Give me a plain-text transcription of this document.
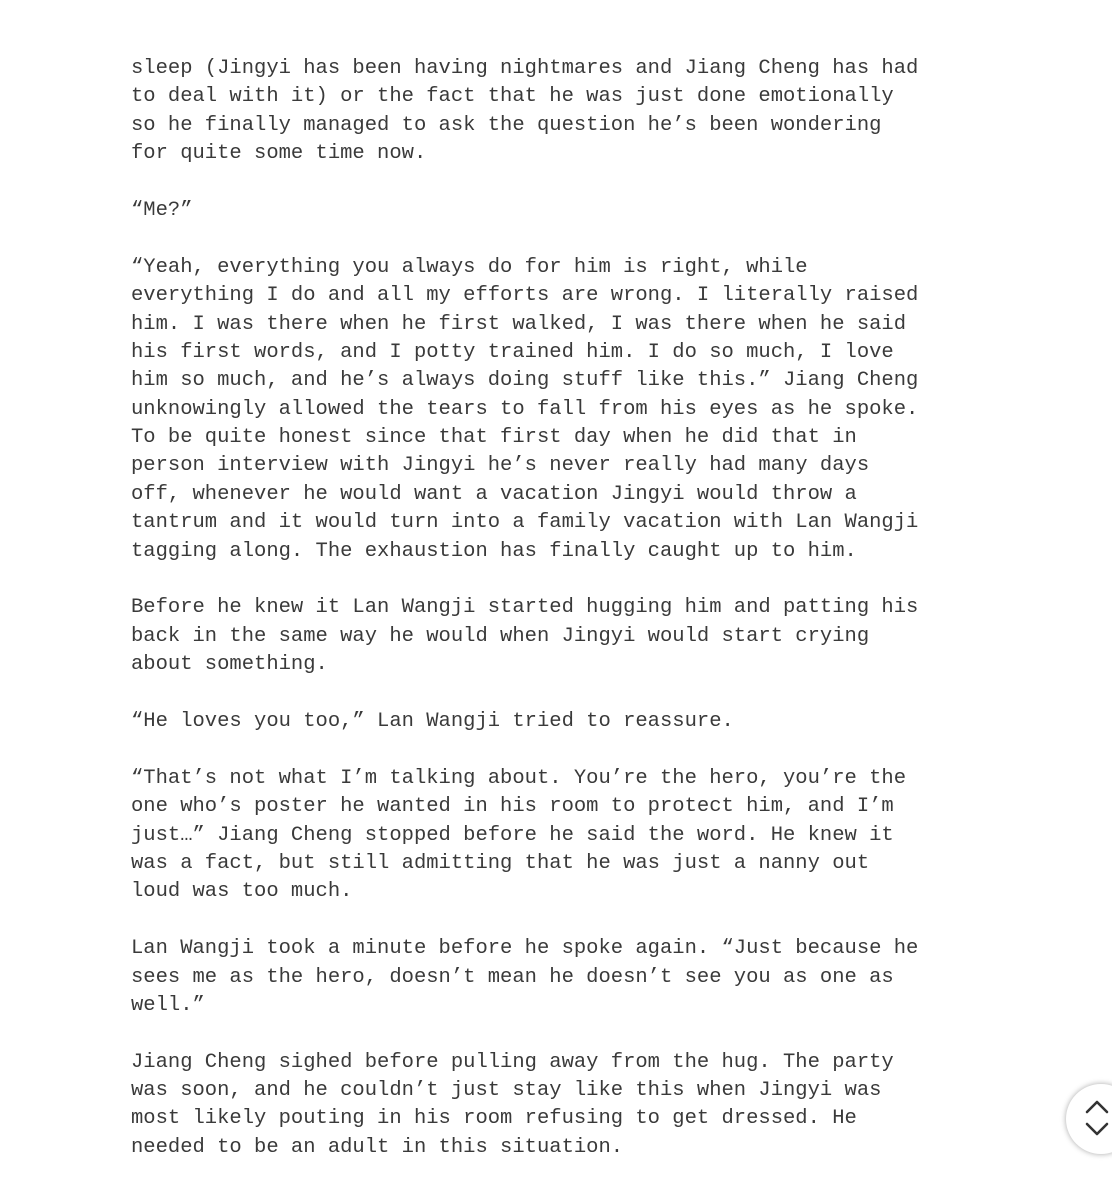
sleep (Jingyi has been having nightmares and Jiang Cheng has had
to deal with it) or the fact that he was just done emotionally
so he finally managed to ask the question he’s been wondering
for quite some time now.
“Me?”
“Yeah, everything you always do for him is right, while
everything I do and all my efforts are wrong. I literally raised
him. I was there when he first walked, I was there when he said
his first words, and I potty trained him. I do so much, I love
him so much, and he’s always doing stuff like this.” Jiang Cheng
unknowingly allowed the tears to fall from his eyes as he spoke.
To be quite honest since that first day when he did that in
person interview with Jingyi he’s never really had many days
off, whenever he would want a vacation Jingyi would throw a
tantrum and it would turn into a family vacation with Lan Wangji
tagging along. The exhaustion has finally caught up to him.
Before he knew it Lan Wangji started hugging him and patting his
back in the same way he would when Jingyi would start crying
about something.
“He loves you too,” Lan Wangji tried to reassure.
“That’s not what I’m talking about. You’re the hero, you’re the
one who’s poster he wanted in his room to protect him, and I’m
just…” Jiang Cheng stopped before he said the word. He knew it
was a fact, but still admitting that he was just a nanny out
loud was too much.
Lan Wangji took a minute before he spoke again. “Just because he
sees me as the hero, doesn’t mean he doesn’t see you as one as
well.”
Jiang Cheng sighed before pulling away from the hug. The party
was soon, and he couldn’t just stay like this when Jingyi was
most likely pouting in his room refusing to get dressed. He
needed to be an adult in this situation.
